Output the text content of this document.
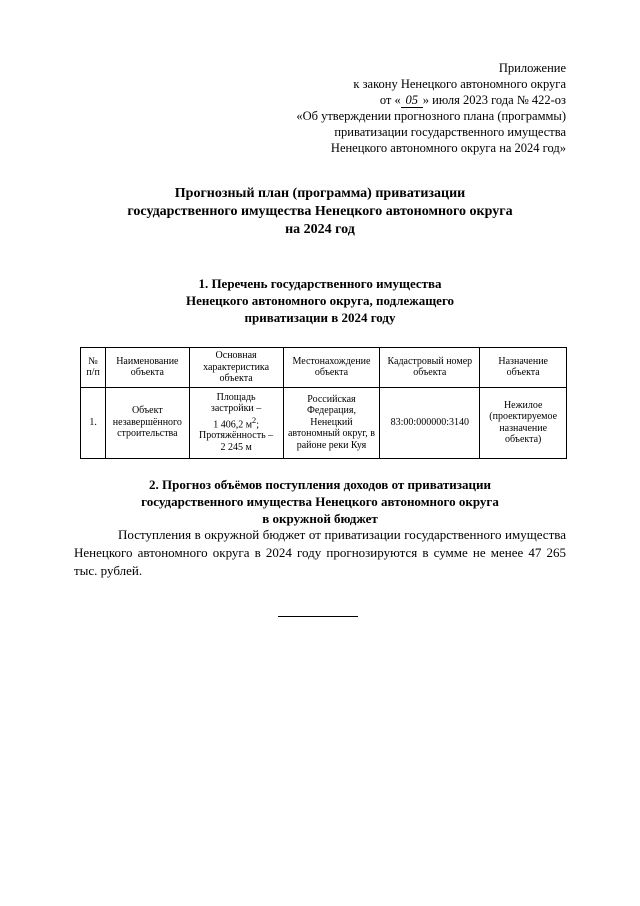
Приложение
к закону Ненецкого автономного округа
от « 05 » июля 2023 года № 422-оз
«Об утверждении прогнозного плана (программы)
приватизации государственного имущества
Ненецкого автономного округа на 2024 год»
Прогнозный план (программа) приватизации
государственного имущества Ненецкого автономного округа
на 2024 год
1. Перечень государственного имущества
Ненецкого автономного округа, подлежащего
приватизации в 2024 году
№
п/п	Наименование объекта	Основная характеристика объекта	Местонахождение объекта	Кадастровый номер объекта	Назначение объекта
1.	Объект незавершённого строительства	Площадь
застройки –
1 406,2 $м^2$;
Протяжённость –
2 245 м	Российская Федерация, Ненецкий автономный округ, в районе реки Куя	83:00:000000:3140	Нежилое (проектируемое назначение объекта)
2. Прогноз объёмов поступления доходов от приватизации
государственного имущества Ненецкого автономного округа
в окружной бюджет
Поступления в окружной бюджет от приватизации государственного имущества Ненецкого автономного округа в 2024 году прогнозируются в сумме не менее 47 265 тыс. рублей.
